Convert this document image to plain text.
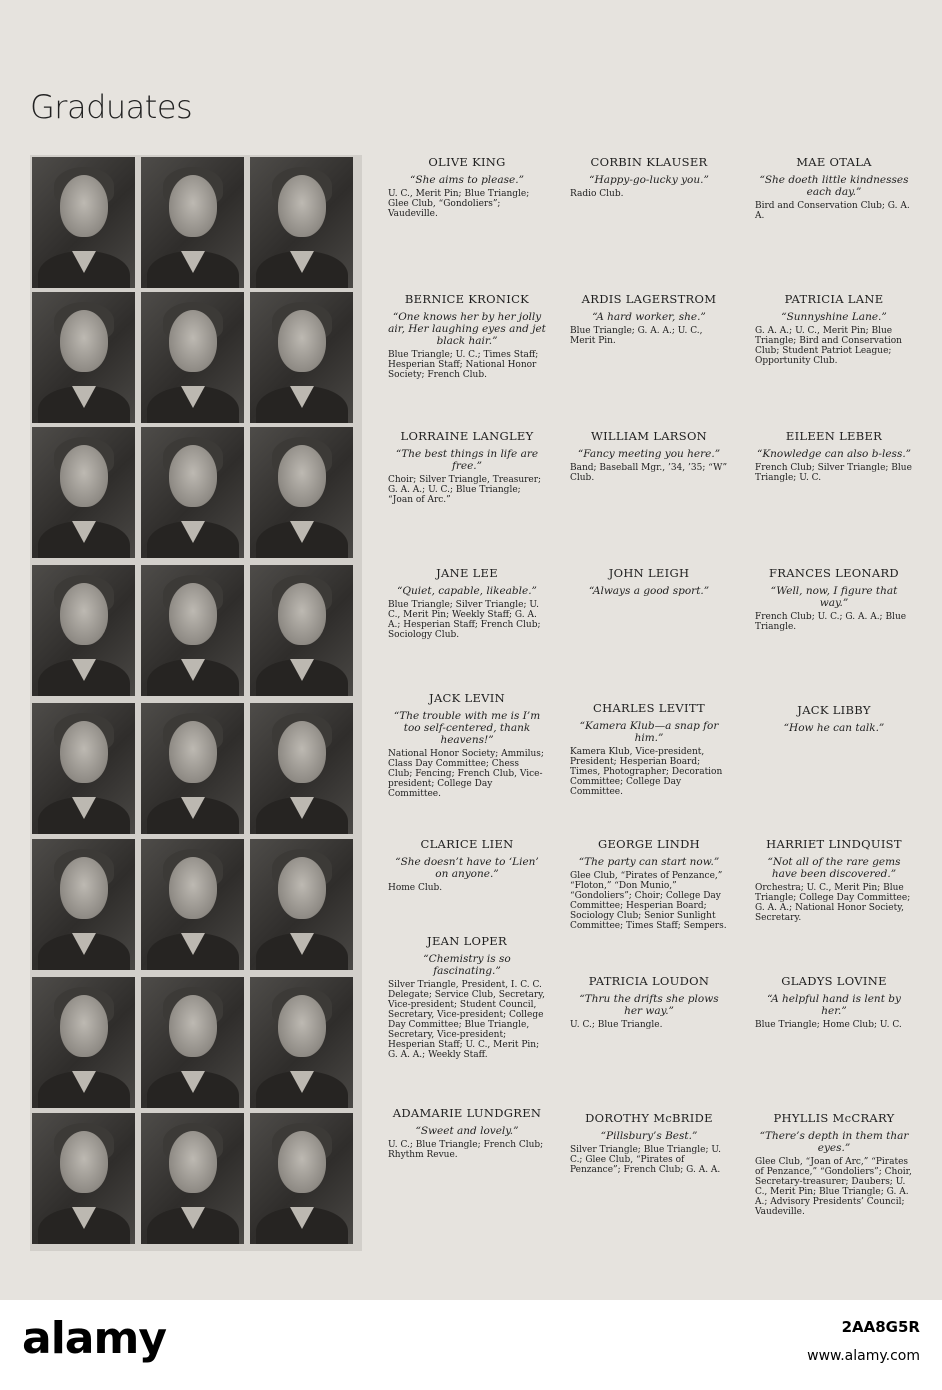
Graduates
OLIVE KING
“She aims to please.”
U. C., Merit Pin; Blue Triangle; Glee Club, “Gondoliers”; Vaudeville.
BERNICE KRONICK
“One knows her by her jolly air, Her laughing eyes and jet black hair.”
Blue Triangle; U. C.; Times Staff; Hesperian Staff; National Honor Society; French Club.
LORRAINE LANGLEY
“The best things in life are free.”
Choir; Silver Triangle, Treasurer; G. A. A.; U. C.; Blue Triangle; “Joan of Arc.”
JANE LEE
“Quiet, capable, likeable.”
Blue Triangle; Silver Triangle; U. C., Merit Pin; Weekly Staff; G. A. A.; Hesperian Staff; French Club; Sociology Club.
JACK LEVIN
“The trouble with me is I’m too self-centered, thank heavens!”
National Honor Society; Ammilus; Class Day Committee; Chess Club; Fencing; French Club, Vice-president; College Day Committee.
CLARICE LIEN
“She doesn’t have to ‘Lien’ on anyone.”
Home Club.
JEAN LOPER
“Chemistry is so fascinating.”
Silver Triangle, President, I. C. C. Delegate; Service Club, Secretary, Vice-president; Student Council, Secretary, Vice-president; College Day Committee; Blue Triangle, Secretary, Vice-president; Hesperian Staff; U. C., Merit Pin; G. A. A.; Weekly Staff.
ADAMARIE LUNDGREN
“Sweet and lovely.”
U. C.; Blue Triangle; French Club; Rhythm Revue.
CORBIN KLAUSER
“Happy-go-lucky you.”
Radio Club.
ARDIS LAGERSTROM
“A hard worker, she.”
Blue Triangle; G. A. A.; U. C., Merit Pin.
WILLIAM LARSON
“Fancy meeting you here.”
Band; Baseball Mgr., ’34, ’35; “W” Club.
JOHN LEIGH
“Always a good sport.”
CHARLES LEVITT
“Kamera Klub—a snap for him.”
Kamera Klub, Vice-president, President; Hesperian Board; Times, Photographer; Decoration Committee; College Day Committee.
GEORGE LINDH
“The party can start now.”
Glee Club, “Pirates of Penzance,” “Floton,” “Don Munio,” “Gondoliers”; Choir; College Day Committee; Hesperian Board; Sociology Club; Senior Sunlight Committee; Times Staff; Sempers.
PATRICIA LOUDON
“Thru the drifts she plows her way.”
U. C.; Blue Triangle.
DOROTHY McBRIDE
“Pillsbury’s Best.”
Silver Triangle; Blue Triangle; U. C.; Glee Club, “Pirates of Penzance”; French Club; G. A. A.
MAE OTALA
“She doeth little kindnesses each day.”
Bird and Conservation Club; G. A. A.
PATRICIA LANE
“Sunnyshine Lane.”
G. A. A.; U. C., Merit Pin; Blue Triangle; Bird and Conservation Club; Student Patriot League; Opportunity Club.
EILEEN LEBER
“Knowledge can also b-less.”
French Club; Silver Triangle; Blue Triangle; U. C.
FRANCES LEONARD
“Well, now, I figure that way.”
French Club; U. C.; G. A. A.; Blue Triangle.
JACK LIBBY
“How he can talk.”
HARRIET LINDQUIST
“Not all of the rare gems have been discovered.”
Orchestra; U. C., Merit Pin; Blue Triangle; College Day Committee; G. A. A.; National Honor Society, Secretary.
GLADYS LOVINE
“A helpful hand is lent by her.”
Blue Triangle; Home Club; U. C.
PHYLLIS McCRARY
“There’s depth in them thar eyes.”
Glee Club, “Joan of Arc,” “Pirates of Penzance,” “Gondoliers”; Choir, Secretary-treasurer; Daubers; U. C., Merit Pin; Blue Triangle; G. A. A.; Advisory Presidents’ Council; Vaudeville.
alamy	2AA8G5R
www.alamy.com
